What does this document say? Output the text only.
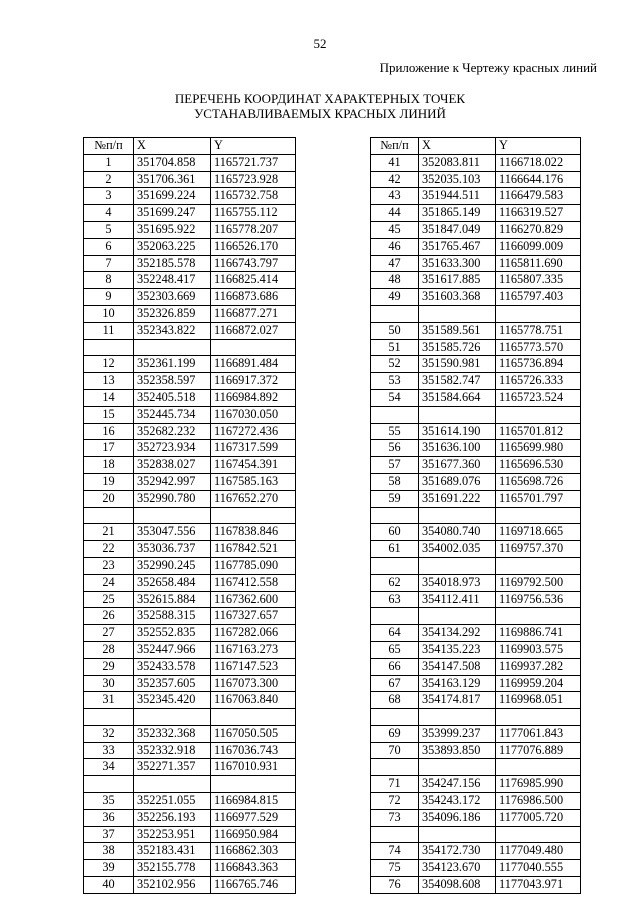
52
Приложение к Чертежу красных линий
ПЕРЕЧЕНЬ КООРДИНАТ ХАРАКТЕРНЫХ ТОЧЕК
УСТАНАВЛИВАЕМЫХ КРАСНЫХ ЛИНИЙ
№п/п	X	Y
1	351704.858	1165721.737
2	351706.361	1165723.928
3	351699.224	1165732.758
4	351699.247	1165755.112
5	351695.922	1165778.207
6	352063.225	1166526.170
7	352185.578	1166743.797
8	352248.417	1166825.414
9	352303.669	1166873.686
10	352326.859	1166877.271
11	352343.822	1166872.027

12	352361.199	1166891.484
13	352358.597	1166917.372
14	352405.518	1166984.892
15	352445.734	1167030.050
16	352682.232	1167272.436
17	352723.934	1167317.599
18	352838.027	1167454.391
19	352942.997	1167585.163
20	352990.780	1167652.270

21	353047.556	1167838.846
22	353036.737	1167842.521
23	352990.245	1167785.090
24	352658.484	1167412.558
25	352615.884	1167362.600
26	352588.315	1167327.657
27	352552.835	1167282.066
28	352447.966	1167163.273
29	352433.578	1167147.523
30	352357.605	1167073.300
31	352345.420	1167063.840

32	352332.368	1167050.505
33	352332.918	1167036.743
34	352271.357	1167010.931

35	352251.055	1166984.815
36	352256.193	1166977.529
37	352253.951	1166950.984
38	352183.431	1166862.303
39	352155.778	1166843.363
40	352102.956	1166765.746
№п/п	X	Y
41	352083.811	1166718.022
42	352035.103	1166644.176
43	351944.511	1166479.583
44	351865.149	1166319.527
45	351847.049	1166270.829
46	351765.467	1166099.009
47	351633.300	1165811.690
48	351617.885	1165807.335
49	351603.368	1165797.403

50	351589.561	1165778.751
51	351585.726	1165773.570
52	351590.981	1165736.894
53	351582.747	1165726.333
54	351584.664	1165723.524

55	351614.190	1165701.812
56	351636.100	1165699.980
57	351677.360	1165696.530
58	351689.076	1165698.726
59	351691.222	1165701.797

60	354080.740	1169718.665
61	354002.035	1169757.370

62	354018.973	1169792.500
63	354112.411	1169756.536

64	354134.292	1169886.741
65	354135.223	1169903.575
66	354147.508	1169937.282
67	354163.129	1169959.204
68	354174.817	1169968.051

69	353999.237	1177061.843
70	353893.850	1177076.889

71	354247.156	1176985.990
72	354243.172	1176986.500
73	354096.186	1177005.720

74	354172.730	1177049.480
75	354123.670	1177040.555
76	354098.608	1177043.971
